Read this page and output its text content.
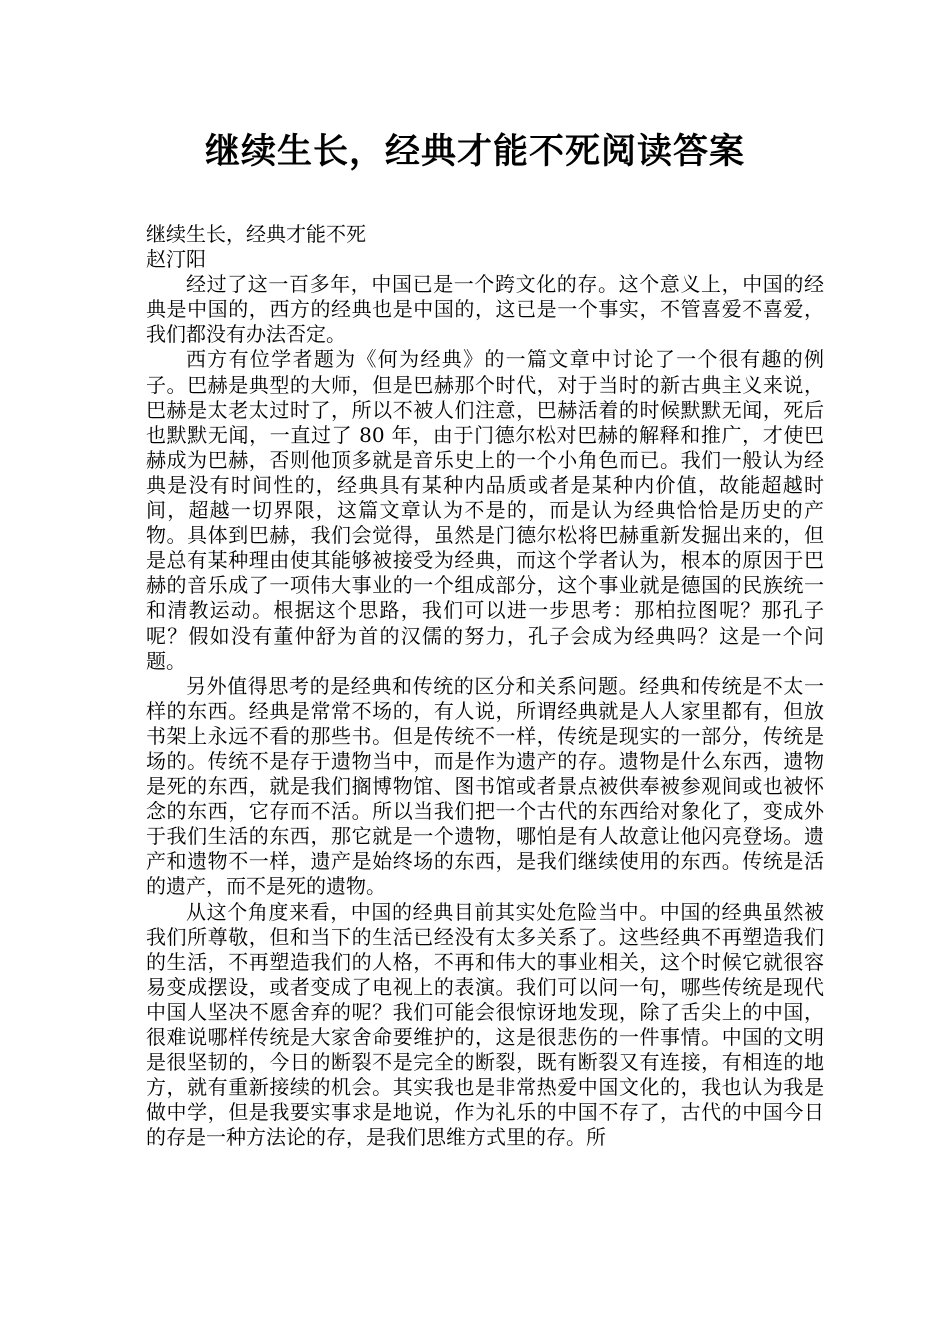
继续生长，经典才能不死阅读答案

继续生长，经典才能不死

赵汀阳

经过了这一百多年，中国已是一个跨文化的存。这个意义上，中国的经典是中国的，西方的经典也是中国的，这已是一个事实，不管喜爱不喜爱，我们都没有办法否定。

西方有位学者题为《何为经典》的一篇文章中讨论了一个很有趣的例子。巴赫是典型的大师，但是巴赫那个时代，对于当时的新古典主义来说，巴赫是太老太过时了，所以不被人们注意，巴赫活着的时候默默无闻，死后也默默无闻，一直过了 80 年，由于门德尔松对巴赫的解释和推广，才使巴赫成为巴赫，否则他顶多就是音乐史上的一个小角色而已。我们一般认为经典是没有时间性的，经典具有某种内品质或者是某种内价值，故能超越时间，超越一切界限，这篇文章认为不是的，而是认为经典恰恰是历史的产物。具体到巴赫，我们会觉得，虽然是门德尔松将巴赫重新发掘出来的，但是总有某种理由使其能够被接受为经典，而这个学者认为，根本的原因于巴赫的音乐成了一项伟大事业的一个组成部分，这个事业就是德国的民族统一和清教运动。根据这个思路，我们可以进一步思考：那柏拉图呢？那孔子呢？假如没有董仲舒为首的汉儒的努力，孔子会成为经典吗？这是一个问题。

另外值得思考的是经典和传统的区分和关系问题。经典和传统是不太一样的东西。经典是常常不场的，有人说，所谓经典就是人人家里都有，但放书架上永远不看的那些书。但是传统不一样，传统是现实的一部分，传统是场的。传统不是存于遗物当中，而是作为遗产的存。遗物是什么东西，遗物是死的东西，就是我们搁博物馆、图书馆或者景点被供奉被参观间或也被怀念的东西，它存而不活。所以当我们把一个古代的东西给对象化了，变成外于我们生活的东西，那它就是一个遗物，哪怕是有人故意让他闪亮登场。遗产和遗物不一样，遗产是始终场的东西，是我们继续使用的东西。传统是活的遗产，而不是死的遗物。

从这个角度来看，中国的经典目前其实处危险当中。中国的经典虽然被我们所尊敬，但和当下的生活已经没有太多关系了。这些经典不再塑造我们的生活，不再塑造我们的人格，不再和伟大的事业相关，这个时候它就很容易变成摆设，或者变成了电视上的表演。我们可以问一句，哪些传统是现代中国人坚决不愿舍弃的呢？我们可能会很惊讶地发现，除了舌尖上的中国，很难说哪样传统是大家舍命要维护的，这是很悲伤的一件事情。中国的文明是很坚韧的，今日的断裂不是完全的断裂，既有断裂又有连接，有相连的地方，就有重新接续的机会。其实我也是非常热爱中国文化的，我也认为我是做中学，但是我要实事求是地说，作为礼乐的中国不存了，古代的中国今日的存是一种方法论的存，是我们思维方式里的存。所
